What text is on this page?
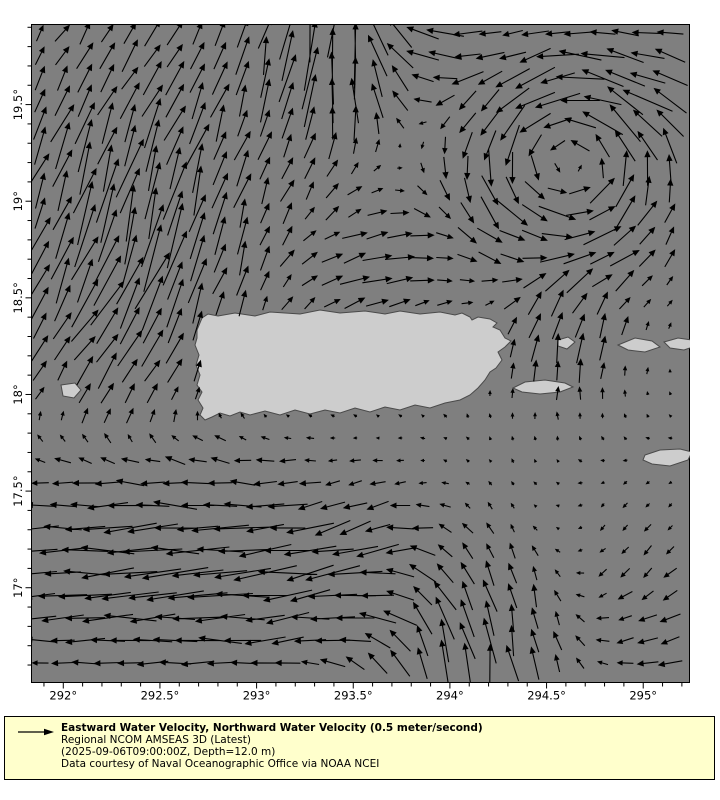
292°	292.5°	293°	293.5°	294°	294.5°	295°
17°
17.5°
18°
18.5°
19°
19.5°
Eastward Water Velocity, Northward Water Velocity (0.5 meter/second)
Regional NCOM AMSEAS 3D (Latest)
(2025-09-06T09:00:00Z, Depth=12.0 m)
Data courtesy of Naval Oceanographic Office via NOAA NCEI
